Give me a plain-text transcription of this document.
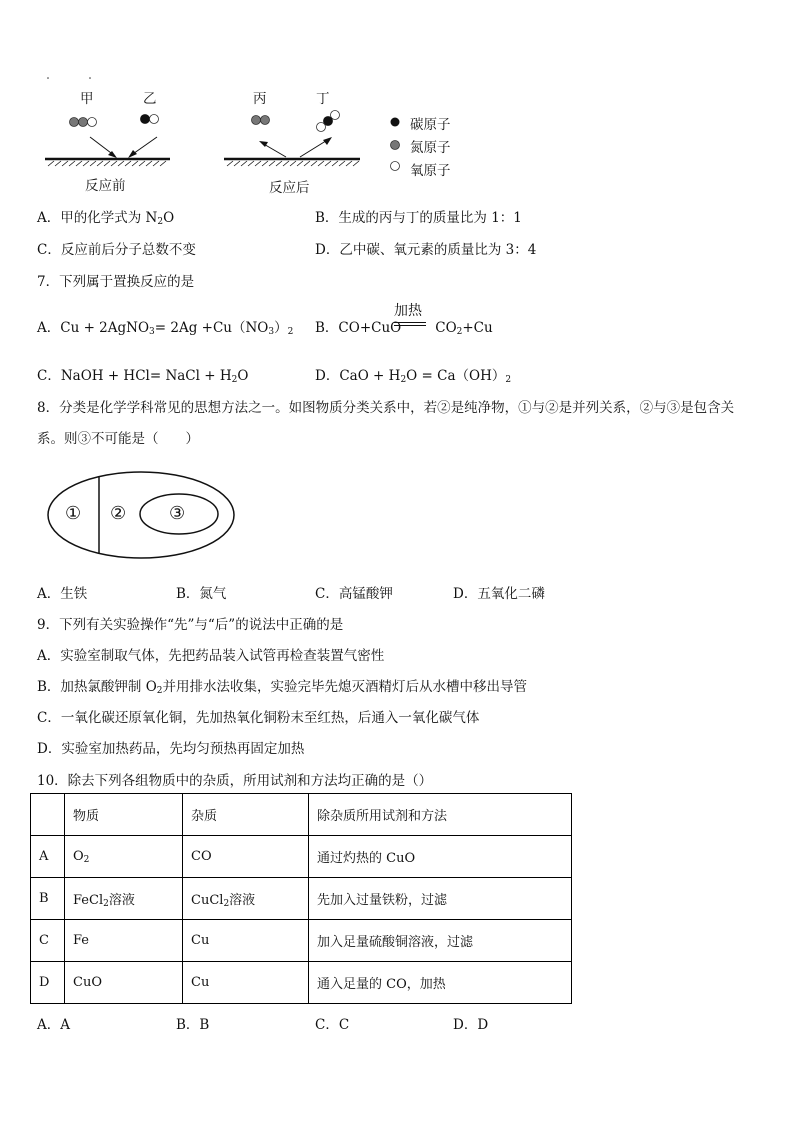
甲	乙	丙	丁
反应前	反应后
碳原子
氮原子
氧原子
A．甲的化学式为 $N_2O$	B．生成的丙与丁的质量比为 1：1
C．反应前后分子总数不变	D．乙中碳、氧元素的质量比为 3：4
7．下列属于置换反应的是
A．Cu + 2AgNO$_3$= $2Ag +Cu(NO_3)_2$ B．CO+CuO	$CO_2+Cu$
加热
C．NaOH + HCl= NaCl + $H_2O$	D．CaO + $H_2O = Ca(OH)_2$
8．分类是化学学科常见的思想方法之一。如图物质分类关系中，若②是纯净物，①与②是并列关系，②与③是包含关
系。则③不可能是（　　）
① ② ③
A．生铁	B．氮气	C．高锰酸钾	D．五氧化二磷
9．下列有关实验操作“先”与“后”的说法中正确的是
A．实验室制取气体，先把药品装入试管再检查装置气密性
B．加热氯酸钾制 $O_2$并用排水法收集，实验完毕先熄灭酒精灯后从水槽中移出导管
C．一氧化碳还原氧化铜，先加热氧化铜粉末至红热，后通入一氧化碳气体
D．实验室加热药品，先均匀预热再固定加热
10．除去下列各组物质中的杂质，所用试剂和方法均正确的是（）
	物质	杂质	除杂质所用试剂和方法
A	$O_2$	CO	通过灼热的 CuO
B	FeCl$_2$溶液	CuCl$_2$溶液	先加入过量铁粉，过滤
C	Fe	Cu	加入足量硫酸铜溶液，过滤
D	CuO	Cu	通入足量的 CO，加热
A．A	B．B	C．C	D．D
